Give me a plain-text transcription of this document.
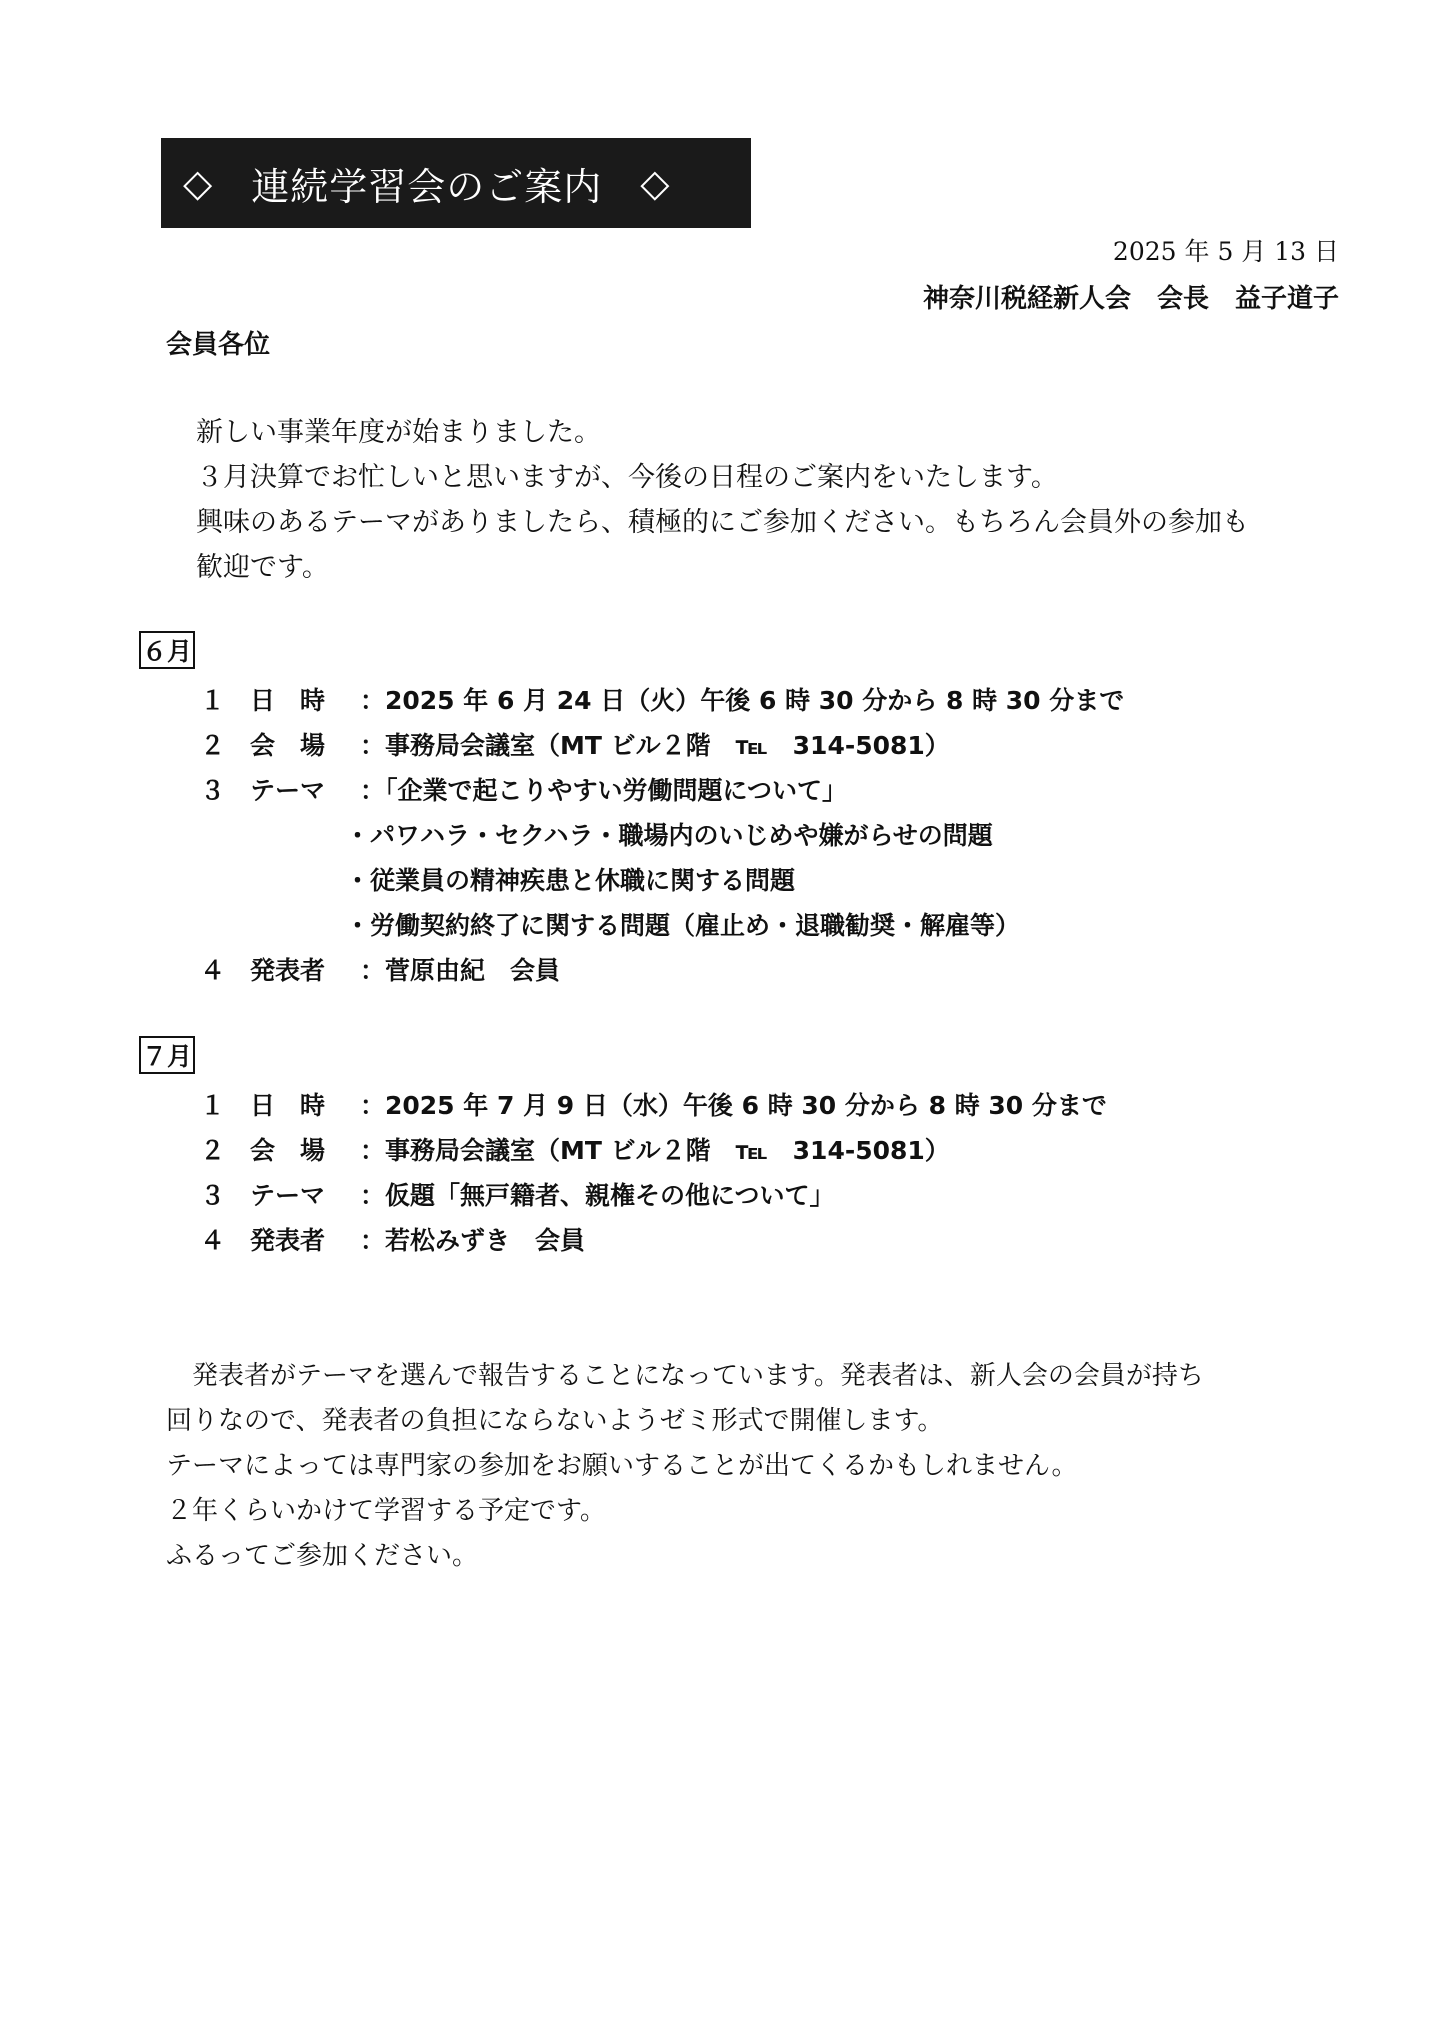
◇ 連続学習会のご案内 ◇
2025 年 5 月 13 日
神奈川税経新人会　会長　益子道子
会員各位
新しい事業年度が始まりました。
３月決算でお忙しいと思いますが、今後の日程のご案内をいたします。
興味のあるテーマがありましたら、積極的にご参加ください。もちろん会員外の参加も
歓迎です。
６月
１ 日　時	：2025 年 6 月 24 日（火）午後 6 時 30 分から 8 時 30 分まで
２ 会　場	：事務局会議室（MT ビル２階　℡　314-5081）
３ テーマ	：「企業で起こりやすい労働問題について」
・パワハラ・セクハラ・職場内のいじめや嫌がらせの問題
・従業員の精神疾患と休職に関する問題
・労働契約終了に関する問題（雇止め・退職勧奨・解雇等）
４ 発表者	：菅原由紀　会員
７月
１ 日　時	：2025 年 7 月 9 日（水）午後 6 時 30 分から 8 時 30 分まで
２ 会　場	：事務局会議室（MT ビル２階　℡　314-5081）
３ テーマ	：仮題「無戸籍者、親権その他について」
４ 発表者	：若松みずき　会員
　発表者がテーマを選んで報告することになっています。発表者は、新人会の会員が持ち
回りなので、発表者の負担にならないようゼミ形式で開催します。
テーマによっては専門家の参加をお願いすることが出てくるかもしれません。
２年くらいかけて学習する予定です。
ふるってご参加ください。
